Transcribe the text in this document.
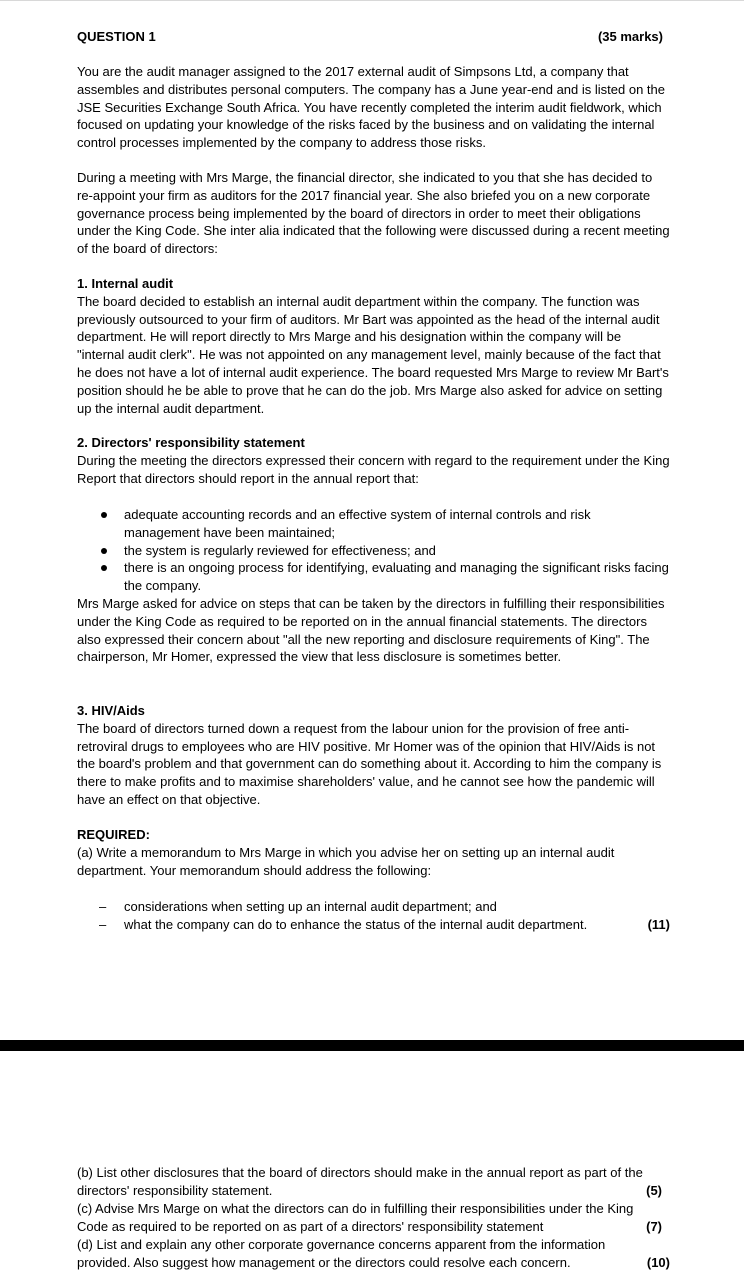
QUESTION 1	(35 marks)

You are the audit manager assigned to the 2017 external audit of Simpsons Ltd, a company that assembles and distributes personal computers. The company has a June year-end and is listed on the JSE Securities Exchange South Africa. You have recently completed the interim audit fieldwork, which focused on updating your knowledge of the risks faced by the business and on validating the internal control processes implemented by the company to address those risks.

During a meeting with Mrs Marge, the financial director, she indicated to you that she has decided to re-appoint your firm as auditors for the 2017 financial year. She also briefed you on a new corporate governance process being implemented by the board of directors in order to meet their obligations under the King Code. She inter alia indicated that the following were discussed during a recent meeting of the board of directors:

1. Internal audit

The board decided to establish an internal audit department within the company. The function was previously outsourced to your firm of auditors. Mr Bart was appointed as the head of the internal audit department. He will report directly to Mrs Marge and his designation within the company will be "internal audit clerk". He was not appointed on any management level, mainly because of the fact that he does not have a lot of internal audit experience. The board requested Mrs Marge to review Mr Bart's position should he be able to prove that he can do the job. Mrs Marge also asked for advice on setting up the internal audit department.

2. Directors' responsibility statement

During the meeting the directors expressed their concern with regard to the requirement under the King Report that directors should report in the annual report that:

adequate accounting records and an effective system of internal controls and risk management have been maintained;
the system is regularly reviewed for effectiveness; and
there is an ongoing process for identifying, evaluating and managing the significant risks facing the company.

Mrs Marge asked for advice on steps that can be taken by the directors in fulfilling their responsibilities under the King Code as required to be reported on in the annual financial statements. The directors also expressed their concern about "all the new reporting and disclosure requirements of King". The chairperson, Mr Homer, expressed the view that less disclosure is sometimes better.

3. HIV/Aids

The board of directors turned down a request from the labour union for the provision of free anti-retroviral drugs to employees who are HIV positive. Mr Homer was of the opinion that HIV/Aids is not the board's problem and that government can do something about it. According to him the company is there to make profits and to maximise shareholders' value, and he cannot see how the pandemic will have an effect on that objective.

REQUIRED:

(a) Write a memorandum to Mrs Marge in which you advise her on setting up an internal audit department. Your memorandum should address the following:

– considerations when setting up an internal audit department; and
– what the company can do to enhance the status of the internal audit department.	(11)

(b) List other disclosures that the board of directors should make in the annual report as part of the directors' responsibility statement.	(5)

(c) Advise Mrs Marge on what the directors can do in fulfilling their responsibilities under the King Code as required to be reported on as part of a directors' responsibility statement	(7)

(d) List and explain any other corporate governance concerns apparent from the information provided. Also suggest how management or the directors could resolve each concern.	(10)
